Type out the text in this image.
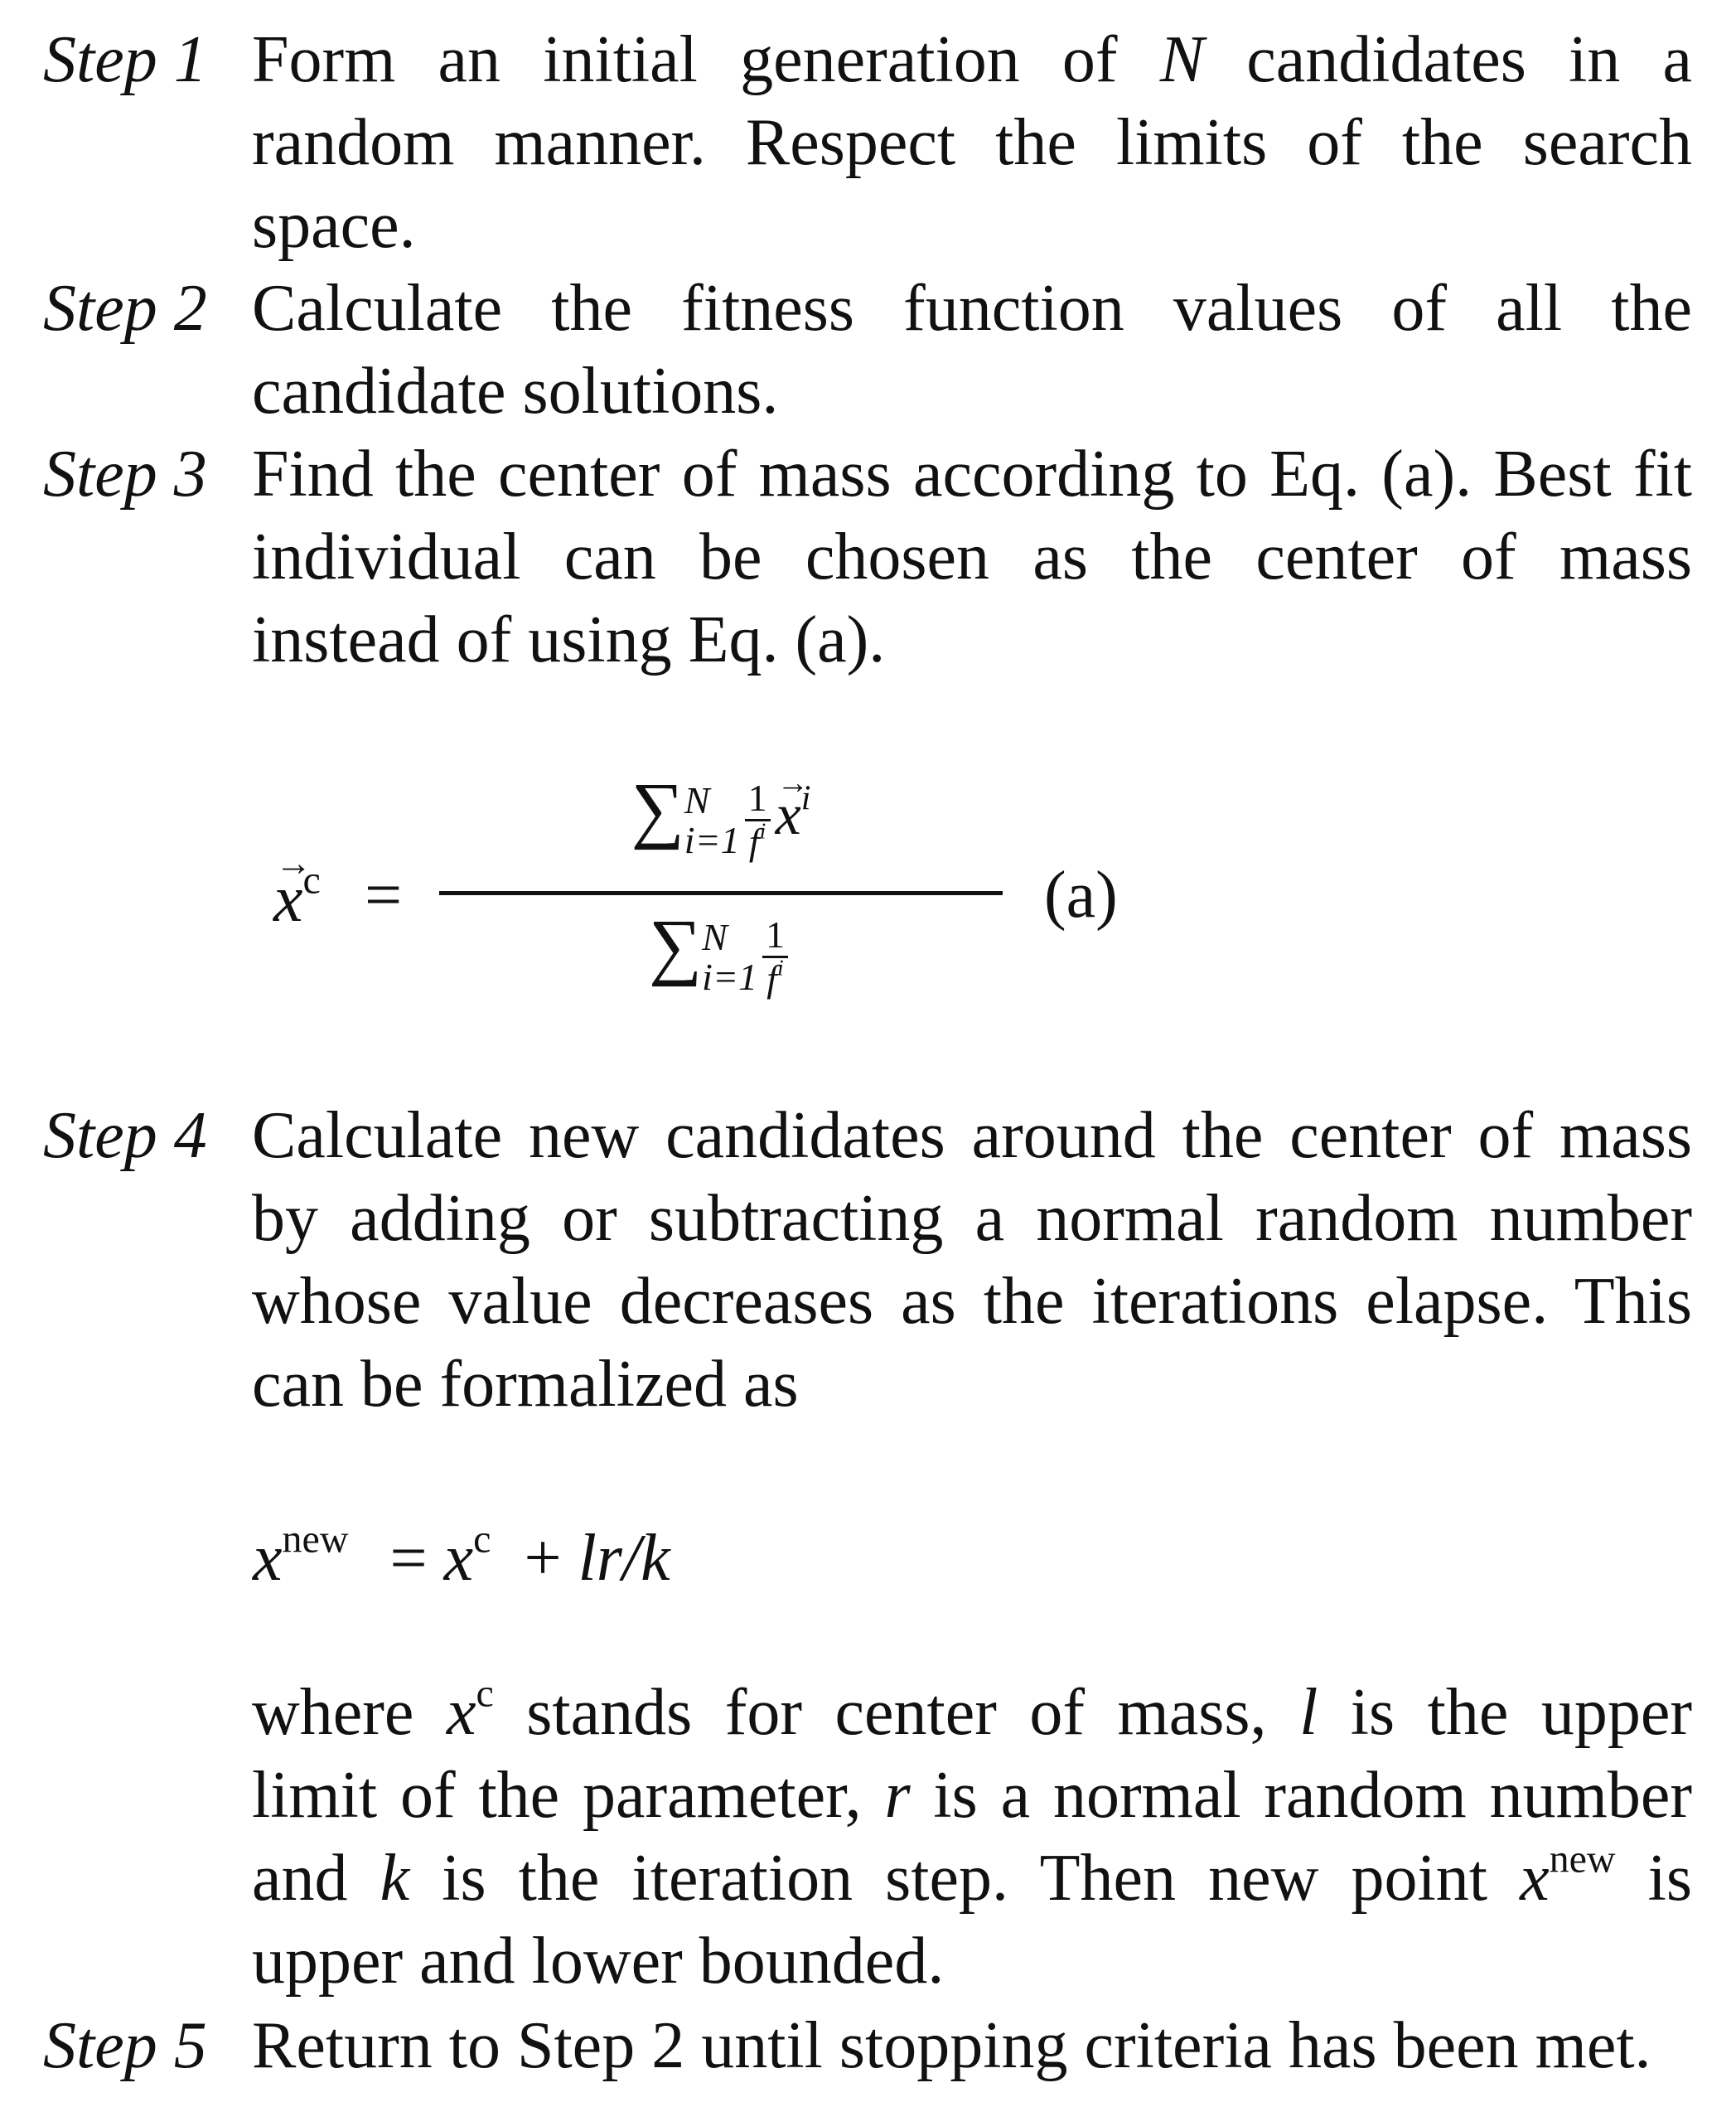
Step 1 Form an initial generation of N candidates in a
random manner. Respect the limits of the search
space.
Step 2 Calculate the fitness function values of all the
candidate solutions.
Step 3 Find the center of mass according to Eq. (a). Best fit
individual can be chosen as the center of mass
instead of using Eq. (a).
→ $x^c$ =
∑ N
$i=1 \frac{1}{f^i}$
→ $x^i$
∑ N
$i=1 \frac{1}{f^i}$
(a)
Step 4 Calculate new candidates around the center of mass
by adding or subtracting a normal random number
whose value decreases as the iterations elapse. This
can be formalized as
$x^{new} = x^c + lr/k$
where $x^c$ stands for center of mass, l is the upper
limit of the parameter, r is a normal random number
and k is the iteration step. Then new point $x^{new}$ is
upper and lower bounded.
Step 5 Return to Step 2 until stopping criteria has been met.
